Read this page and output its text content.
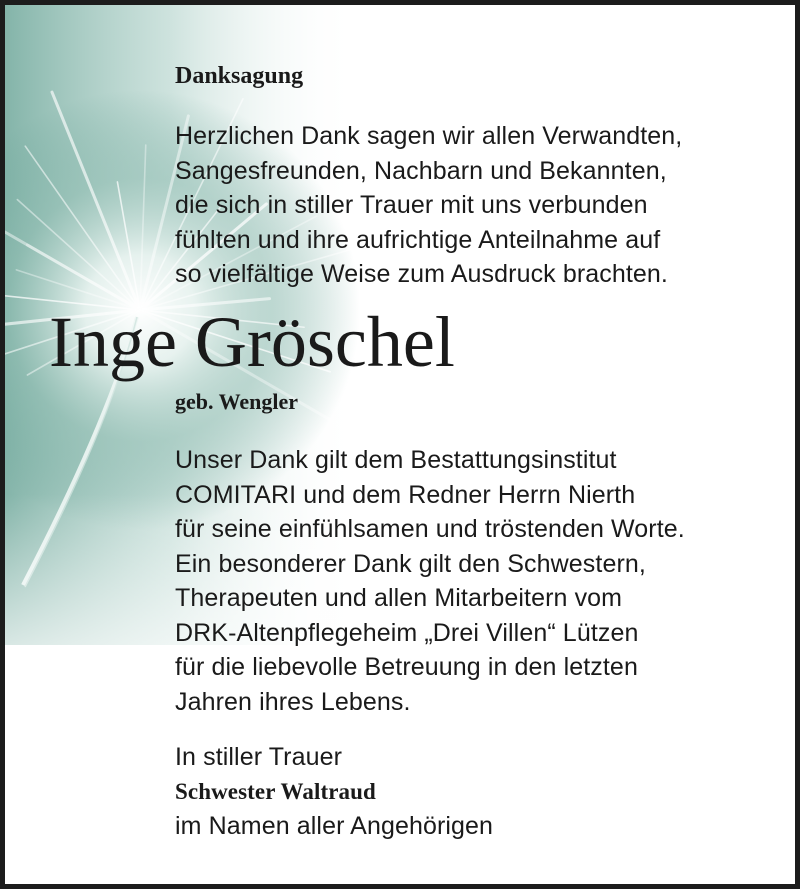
Danksagung

Herzlichen Dank sagen wir allen Verwandten,
Sangesfreunden, Nachbarn und Bekannten,
die sich in stiller Trauer mit uns verbunden
fühlten und ihre aufrichtige Anteilnahme auf
so vielfältige Weise zum Ausdruck brachten.

Inge Gröschel
geb. Wengler

Unser Dank gilt dem Bestattungsinstitut
COMITARI und dem Redner Herrn Nierth
für seine einfühlsamen und tröstenden Worte.
Ein besonderer Dank gilt den Schwestern,
Therapeuten und allen Mitarbeitern vom
DRK-Altenpflegeheim „Drei Villen“ Lützen
für die liebevolle Betreuung in den letzten
Jahren ihres Lebens.

In stiller Trauer
Schwester Waltraud
im Namen aller Angehörigen
